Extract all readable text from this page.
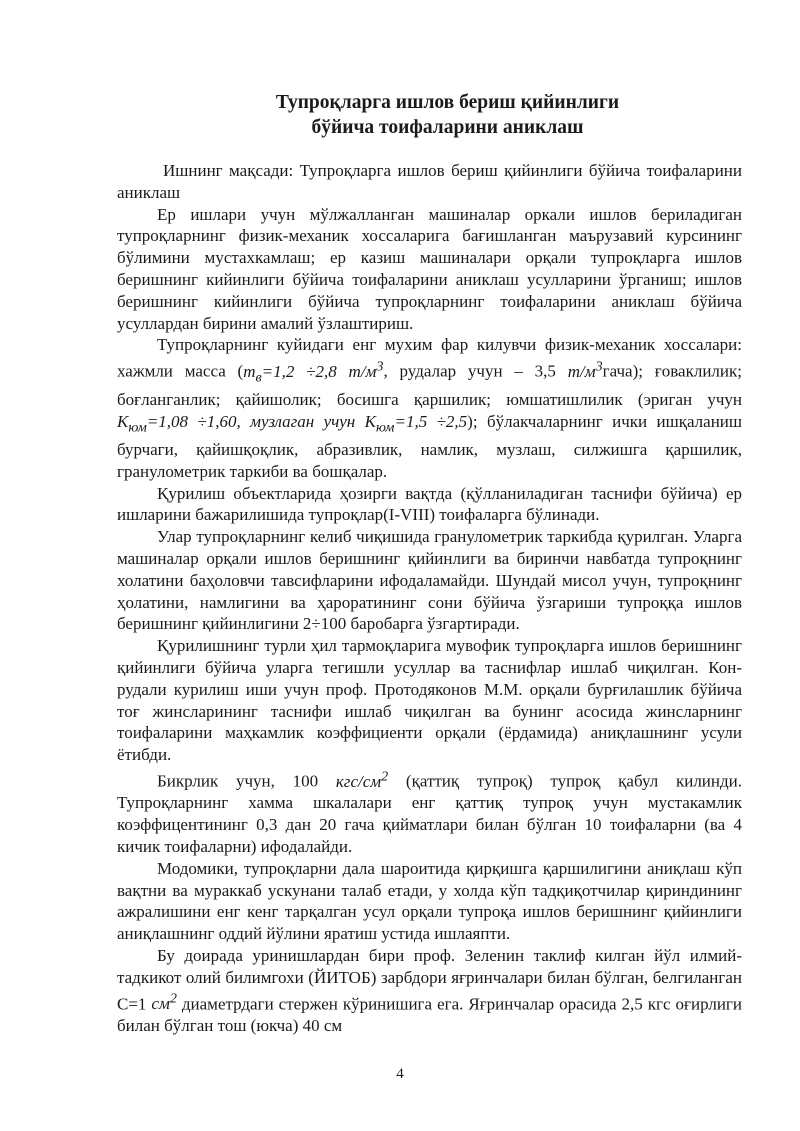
Тупроқларга ишлов бериш қийинлиги
бўйича тоифаларини аниклаш

Ишнинг мақсади: Тупроқларга ишлов бериш қийинлиги бўйича тоифаларини аниклаш

Ер ишлари учун мўлжалланган машиналар оркали ишлов бериладиган тупроқларнинг физик-механик хоссаларига бағишланган маърузавий курсининг бўлимини мустахкамлаш; ер казиш машиналари орқали тупроқларга ишлов беришнинг кийинлиги бўйича тоифаларини аниклаш усулларини ўрганиш; ишлов беришнинг кийинлиги бўйича тупроқларнинг тоифаларини аниклаш бўйича усуллардан бирини амалий ўзлаштириш.

Тупроқларнинг куйидаги енг мухим фар килувчи физик-механик хоссалари: хажмли масса ($m_в=1,2 \div 2,8$ $т/м^3$, рудалар учун – 3,5 $т/м^3гача$); ғоваклилик; боғланганлик; қайишолик; босишга қаршилик; юмшатишлилик (эриган учун $K_{юм}=1,08 \div 1,60$, музлаган учун $K_{юм}=1,5 \div 2,5$); бўлакчаларнинг ички ишқаланиш бурчаги, қайишқоқлик, абразивлик, намлик, музлаш, силжишга қаршилик, гранулометрик таркиби ва бошқалар.

Қурилиш объектларида ҳозирги вақтда (қўлланиладиган таснифи бўйича) ер ишларини бажарилишида тупроқлар(I-VIII) тоифаларга бўлинади.

Улар тупроқларнинг келиб чиқишида гранулометрик таркибда қурилган. Уларга машиналар орқали ишлов беришнинг қийинлиги ва биринчи навбатда тупроқнинг холатини баҳоловчи тавсифларини ифодаламайди. Шундай мисол учун, тупроқнинг ҳолатини, намлигини ва ҳароратининг сони бўйича ўзгариши тупроққа ишлов беришнинг қийинлигини 2÷100 баробарга ўзгартиради.

Қурилишнинг турли ҳил тармоқларига мувофик тупроқларга ишлов беришнинг қийинлиги бўйича уларга тегишли усуллар ва таснифлар ишлаб чиқилган. Кон-рудали курилиш иши учун проф. Протодяконов М.М. орқали бурғилашлик бўйича тоғ жинсларининг таснифи ишлаб чиқилган ва бунинг асосида жинсларнинг тоифаларини маҳкамлик коэффициенти орқали (ёрдамида) аниқлашнинг усули ётибди.

Бикрлик учун, 100 кгс/$см^2$ (қаттиқ тупроқ) тупроқ қабул килинди. Тупроқларнинг хамма шкалалари енг қаттиқ тупроқ учун мустакамлик коэффицентининг 0,3 дан 20 гача қийматлари билан бўлган 10 тоифаларни (ва 4 кичик тоифаларни) ифодалайди.

Модомики, тупроқларни дала шароитида қирқишга қаршилигини аниқлаш кўп вақтни ва мураккаб ускунани талаб етади, у холда кўп тадқиқотчилар қириндининг ажралишини енг кенг тарқалган усул орқали тупроқа ишлов беришнинг қийинлиги аниқлашнинг оддий йўлини яратиш устида ишлаяпти.

Бу доирада уринишлардан бири проф. Зеленин таклиф килган йўл илмий-тадкикот олий билимгохи (ЙИТОБ) зарбдори яғринчалари билан бўлган, белгиланган С=1 $см^2$ диаметрдаги стержен кўринишига ега. Яғринчалар орасида 2,5 кгс оғирлиги билан бўлган тош (юкча) 40 см

4
